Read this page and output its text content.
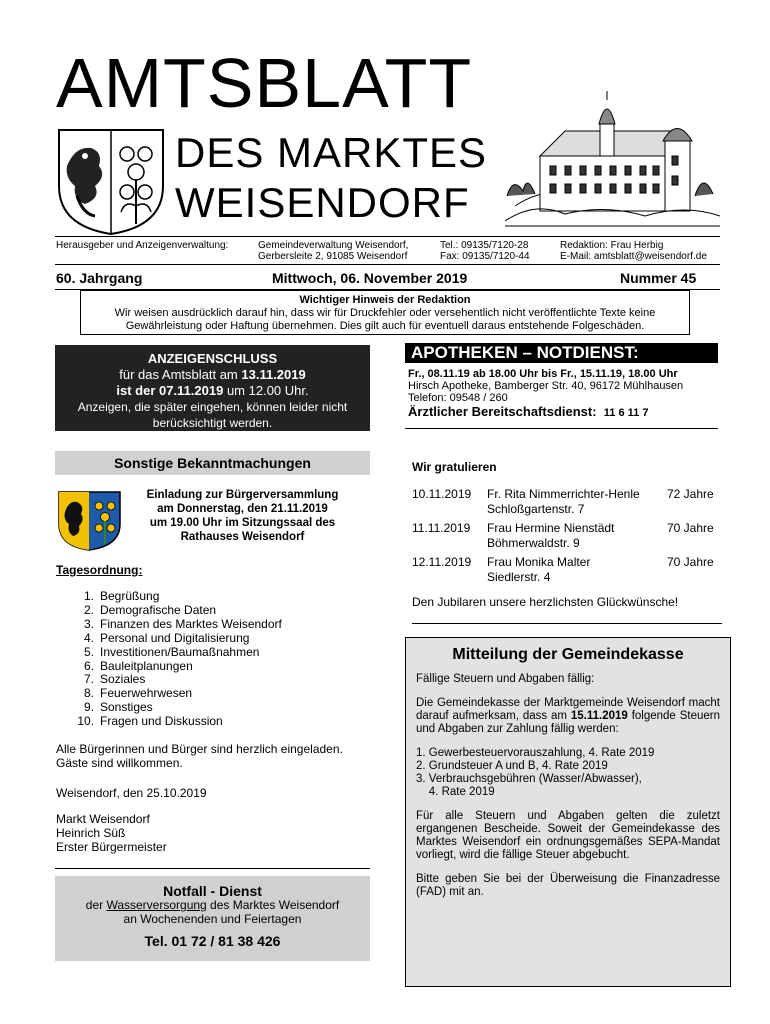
AMTSBLATT
DES MARKTES
WEISENDORF
Herausgeber und Anzeigenverwaltung:	Gemeindeverwaltung Weisendorf,
Gerbersleite 2, 91085 Weisendorf
Tel.: 09135/7120-28
Fax: 09135/7120-44
Redaktion: Frau Herbig
E-Mail: amtsblatt@weisendorf.de
60. Jahrgang	Mittwoch, 06. November 2019	Nummer 45
Wichtiger Hinweis der Redaktion
Wir weisen ausdrücklich darauf hin, dass wir für Druckfehler oder versehentlich nicht veröffentlichte Texte keine
Gewährleistung oder Haftung übernehmen. Dies gilt auch für eventuell daraus entstehende Folgeschäden.
ANZEIGENSCHLUSS
für das Amtsblatt am 13.11.2019
ist der 07.11.2019 um 12.00 Uhr.
Anzeigen, die später eingehen, können leider nicht
berücksichtigt werden.
APOTHEKEN – NOTDIENST:
Fr., 08.11.19 ab 18.00 Uhr bis Fr., 15.11.19, 18.00 Uhr
Hirsch Apotheke, Bamberger Str. 40, 96172 Mühlhausen
Telefon: 09548 / 260
Ärztlicher Bereitschaftsdienst: 11 6 11 7
Sonstige Bekanntmachungen
Einladung zur Bürgerversammlung
am Donnerstag, den 21.11.2019
um 19.00 Uhr im Sitzungssaal des
Rathauses Weisendorf
Tagesordnung:
1. Begrüßung
2. Demografische Daten
3. Finanzen des Marktes Weisendorf
4. Personal und Digitalisierung
5. Investitionen/Baumaßnahmen
6. Bauleitplanungen
7. Soziales
8. Feuerwehrwesen
9. Sonstiges
10. Fragen und Diskussion
Alle Bürgerinnen und Bürger sind herzlich eingeladen.
Gäste sind willkommen.
Weisendorf, den 25.10.2019
Markt Weisendorf
Heinrich Süß
Erster Bürgermeister
Notfall - Dienst
der Wasserversorgung des Marktes Weisendorf
an Wochenenden und Feiertagen
Tel. 01 72 / 81 38 426
Wir gratulieren
10.11.2019	Fr. Rita Nimmerrichter-Henle
Schloßgartenstr. 7
72 Jahre
11.11.2019	Frau Hermine Nienstädt
Böhmerwaldstr. 9
70 Jahre
12.11.2019	Frau Monika Malter
Siedlerstr. 4
70 Jahre
Den Jubilaren unsere herzlichsten Glückwünsche!
Mitteilung der Gemeindekasse

Fällige Steuern und Abgaben fällig:

Die Gemeindekasse der Marktgemeinde Weisendorf macht darauf aufmerksam, dass am 15.11.2019 folgende Steuern und Abgaben zur Zahlung fällig werden:

1. Gewerbesteuervorauszahlung, 4. Rate 2019
2. Grundsteuer A und B, 4. Rate 2019
3. Verbrauchsgebühren (Wasser/Abwasser),
4. Rate 2019

Für alle Steuern und Abgaben gelten die zuletzt ergangenen Bescheide. Soweit der Gemeindekasse des Marktes Weisendorf ein ordnungsgemäßes SEPA-Mandat vorliegt, wird die fällige Steuer abgebucht.

Bitte geben Sie bei der Überweisung die Finanzadresse (FAD) mit an.
